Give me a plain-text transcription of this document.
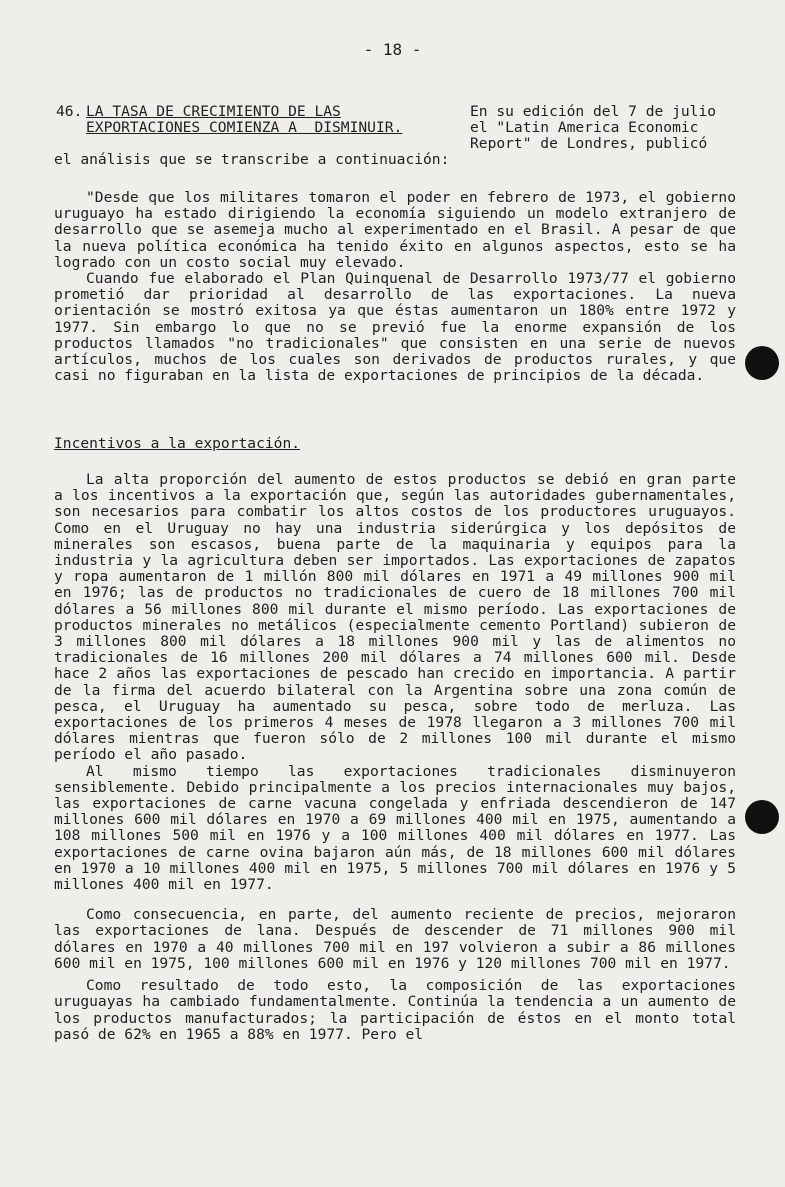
- 18 -
46. LA TASA DE CRECIMIENTO DE LAS
EXPORTACIONES COMIENZA A  DISMINUIR.
En su edición del 7 de julio
el "Latin America Economic
Report" de Londres, publicó
el análisis que se transcribe a continuación:

"Desde que los militares tomaron el poder en febrero de 1973, el gobierno uruguayo ha estado dirigiendo la economía siguiendo un modelo extranjero de desarrollo que se asemeja mucho al experimentado en el Brasil. A pesar de que la nueva política económica ha tenido éxito en algunos aspectos, esto se ha logrado con un costo social muy elevado.

Cuando fue elaborado el Plan Quinquenal de Desarrollo 1973/77 el gobierno prometió dar prioridad al desarrollo de las exportaciones. La nueva orientación se mostró exitosa ya que éstas aumentaron un 180% entre 1972 y 1977. Sin embargo lo que no se previó fue la enorme expansión de los productos llamados "no tradicionales" que consisten en una serie de nuevos artículos, muchos de los cuales son derivados de productos rurales, y que casi no figuraban en la lista de exportaciones de principios de la década.

Incentivos a la exportación.

La alta proporción del aumento de estos productos se debió en gran parte a los incentivos a la exportación que, según las autoridades gubernamentales, son necesarios para combatir los altos costos de los productores uruguayos. Como en el Uruguay no hay una industria siderúrgica y los depósitos de minerales son escasos, buena parte de la maquinaria y equipos para la industria y la agricultura deben ser importados. Las exportaciones de zapatos y ropa aumentaron de 1 millón 800 mil dólares en 1971 a 49 millones 900 mil en 1976; las de productos no tradicionales de cuero de 18 millones 700 mil dólares a 56 millones 800 mil durante el mismo período. Las exportaciones de productos minerales no metálicos (especialmente cemento Portland) subieron de 3 millones 800 mil dólares a 18 millones 900 mil y las de alimentos no tradicionales de 16 millones 200 mil dólares a 74 millones 600 mil. Desde hace 2 años las exportaciones de pescado han crecido en importancia. A partir de la firma del acuerdo bilateral con la Argentina sobre una zona común de pesca, el Uruguay ha aumentado su pesca, sobre todo de merluza. Las exportaciones de los primeros 4 meses de 1978 llegaron a 3 millones 700 mil dólares mientras que fueron sólo de 2 millones 100 mil durante el mismo período el año pasado.

Al mismo tiempo las exportaciones tradicionales disminuyeron sensiblemente. Debido principalmente a los precios internacionales muy bajos, las exportaciones de carne vacuna congelada y enfriada descendieron de 147 millones 600 mil dólares en 1970 a 69 millones 400 mil en 1975, aumentando a 108 millones 500 mil en 1976 y a 100 millones 400 mil dólares en 1977. Las exportaciones de carne ovina bajaron aún más, de 18 millones 600 mil dólares en 1970 a 10 millones 400 mil en 1975, 5 millones 700 mil dólares en 1976 y 5 millones 400 mil en 1977.

Como consecuencia, en parte, del aumento reciente de precios, mejoraron las exportaciones de lana. Después de descender de 71 millones 900 mil dólares en 1970 a 40 millones 700 mil en 197 volvieron a subir a 86 millones 600 mil en 1975, 100 millones 600 mil en 1976 y 120 millones 700 mil en 1977.

Como resultado de todo esto, la composición de las exportaciones uruguayas ha cambiado fundamentalmente. Continúa la tendencia a un aumento de los productos manufacturados; la participación de éstos en el monto total pasó de 62% en 1965 a 88% en 1977. Pero el
